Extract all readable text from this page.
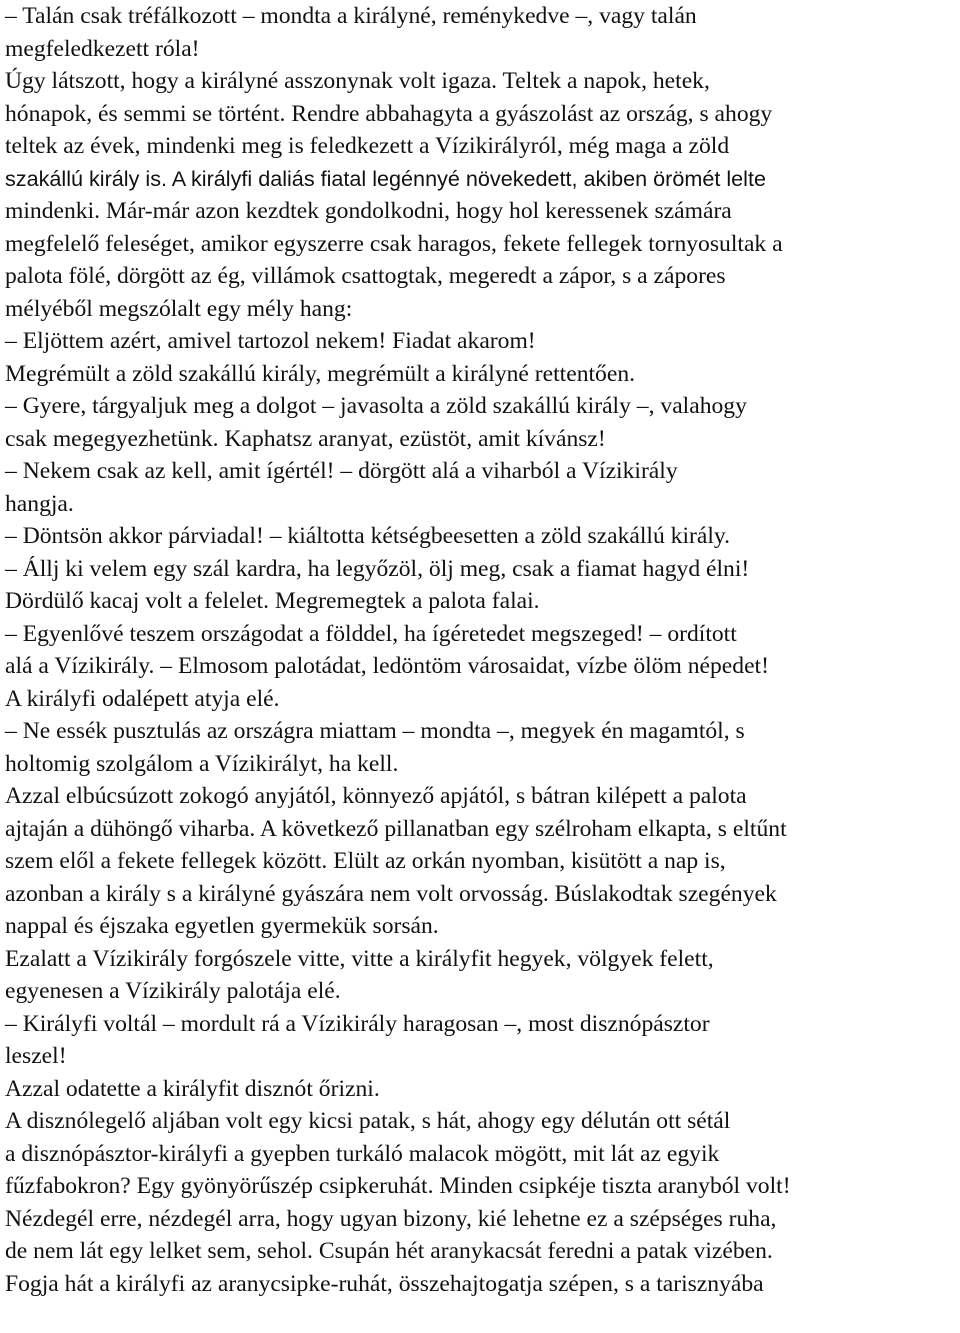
– Talán csak tréfálkozott – mondta a királyné, reménykedve –, vagy talán
megfeledkezett róla!
Úgy látszott, hogy a királyné asszonynak volt igaza. Teltek a napok, hetek,
hónapok, és semmi se történt. Rendre abbahagyta a gyászolást az ország, s ahogy
teltek az évek, mindenki meg is feledkezett a Vízikirályról, még maga a zöld
szakállú király is. A királyfi daliás fiatal legénnyé növekedett, akiben örömét lelte
mindenki. Már-már azon kezdtek gondolkodni, hogy hol keressenek számára
megfelelő feleséget, amikor egyszerre csak haragos, fekete fellegek tornyosultak a
palota fölé, dörgött az ég, villámok csattogtak, megeredt a zápor, s a zápores
mélyéből megszólalt egy mély hang:
– Eljöttem azért, amivel tartozol nekem! Fiadat akarom!
Megrémült a zöld szakállú király, megrémült a királyné rettentően.
– Gyere, tárgyaljuk meg a dolgot – javasolta a zöld szakállú király –, valahogy
csak megegyezhetünk. Kaphatsz aranyat, ezüstöt, amit kívánsz!
– Nekem csak az kell, amit ígértél! – dörgött alá a viharból a Vízikirály
hangja.
– Döntsön akkor párviadal! – kiáltotta kétségbeesetten a zöld szakállú király.
– Állj ki velem egy szál kardra, ha legyőzöl, ölj meg, csak a fiamat hagyd élni!
Dördülő kacaj volt a felelet. Megremegtek a palota falai.
– Egyenlővé teszem országodat a földdel, ha ígéretedet megszeged! – ordított
alá a Vízikirály. – Elmosom palotádat, ledöntöm városaidat, vízbe ölöm népedet!
A királyfi odalépett atyja elé.
– Ne essék pusztulás az országra miattam – mondta –, megyek én magamtól, s
holtomig szolgálom a Vízikirályt, ha kell.
Azzal elbúcsúzott zokogó anyjától, könnyező apjától, s bátran kilépett a palota
ajtaján a dühöngő viharba. A következő pillanatban egy szélroham elkapta, s eltűnt
szem elől a fekete fellegek között. Elült az orkán nyomban, kisütött a nap is,
azonban a király s a királyné gyászára nem volt orvosság. Búslakodtak szegények
nappal és éjszaka egyetlen gyermekük sorsán.
Ezalatt a Vízikirály forgószele vitte, vitte a királyfit hegyek, völgyek felett,
egyenesen a Vízikirály palotája elé.
– Királyfi voltál – mordult rá a Vízikirály haragosan –, most disznópásztor
leszel!
Azzal odatette a királyfit disznót őrizni.
A disznólegelő aljában volt egy kicsi patak, s hát, ahogy egy délután ott sétál
a disznópásztor-királyfi a gyepben turkáló malacok mögött, mit lát az egyik
fűzfabokron? Egy gyönyörűszép csipkeruhát. Minden csipkéje tiszta aranyból volt!
Nézdegél erre, nézdegél arra, hogy ugyan bizony, kié lehetne ez a szépséges ruha,
de nem lát egy lelket sem, sehol. Csupán hét aranykacsát feredni a patak vizében.
Fogja hát a királyfi az aranycsipke-ruhát, összehajtogatja szépen, s a tarisznyába
